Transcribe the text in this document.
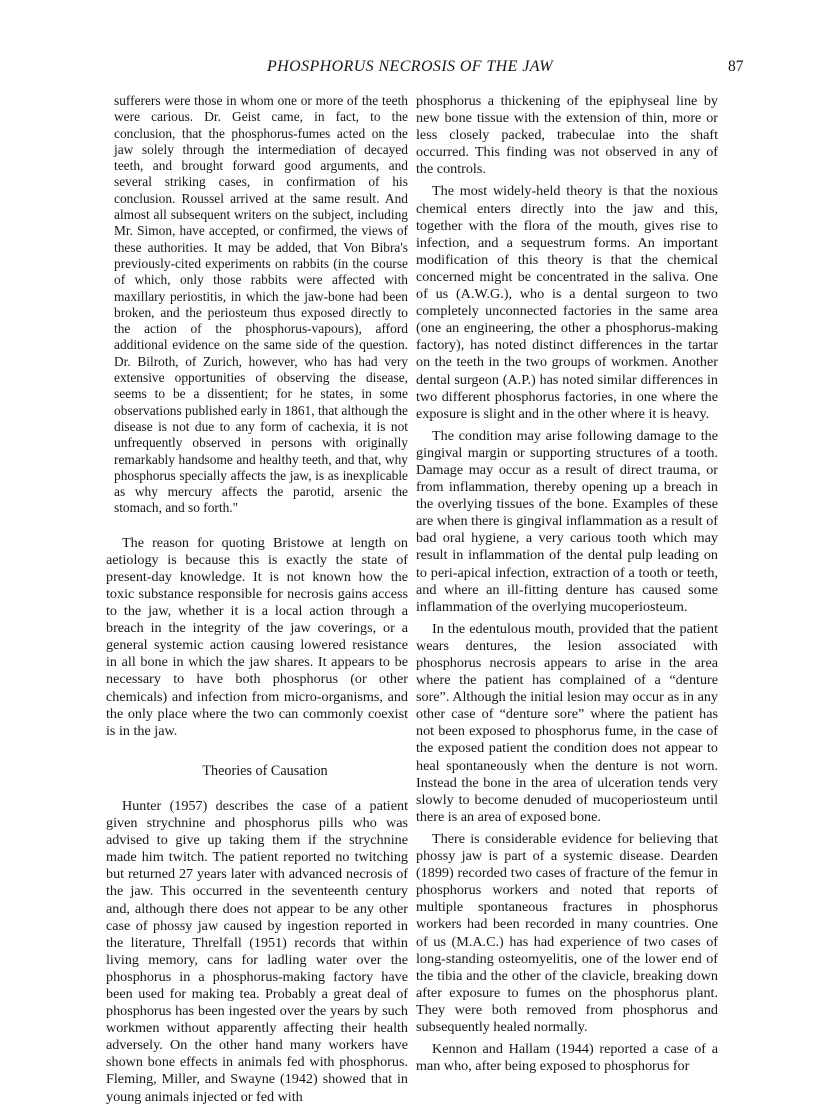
PHOSPHORUS NECROSIS OF THE JAW	87

sufferers were those in whom one or more of the teeth were carious. Dr. Geist came, in fact, to the conclusion, that the phosphorus-fumes acted on the jaw solely through the intermediation of decayed teeth, and brought forward good arguments, and several striking cases, in confirmation of his conclusion. Roussel arrived at the same result. And almost all subsequent writers on the subject, including Mr. Simon, have accepted, or confirmed, the views of these authorities. It may be added, that Von Bibra's previously-cited experiments on rabbits (in the course of which, only those rabbits were affected with maxillary periostitis, in which the jaw-bone had been broken, and the periosteum thus exposed directly to the action of the phosphorus-vapours), afford additional evidence on the same side of the question. Dr. Bilroth, of Zurich, however, who has had very extensive opportunities of observing the disease, seems to be a dissentient; for he states, in some observations published early in 1861, that although the disease is not due to any form of cachexia, it is not unfrequently observed in persons with originally remarkably handsome and healthy teeth, and that, why phosphorus specially affects the jaw, is as inexplicable as why mercury affects the parotid, arsenic the stomach, and so forth."

The reason for quoting Bristowe at length on aetiology is because this is exactly the state of present-day knowledge. It is not known how the toxic substance responsible for necrosis gains access to the jaw, whether it is a local action through a breach in the integrity of the jaw coverings, or a general systemic action causing lowered resistance in all bone in which the jaw shares. It appears to be necessary to have both phosphorus (or other chemicals) and infection from micro-organisms, and the only place where the two can commonly coexist is in the jaw.

Theories of Causation

Hunter (1957) describes the case of a patient given strychnine and phosphorus pills who was advised to give up taking them if the strychnine made him twitch. The patient reported no twitching but returned 27 years later with advanced necrosis of the jaw. This occurred in the seventeenth century and, although there does not appear to be any other case of phossy jaw caused by ingestion reported in the literature, Threlfall (1951) records that within living memory, cans for ladling water over the phosphorus in a phosphorus-making factory have been used for making tea. Probably a great deal of phosphorus has been ingested over the years by such workmen without apparently affecting their health adversely. On the other hand many workers have shown bone effects in animals fed with phosphorus. Fleming, Miller, and Swayne (1942) showed that in young animals injected or fed with

phosphorus a thickening of the epiphyseal line by new bone tissue with the extension of thin, more or less closely packed, trabeculae into the shaft occurred. This finding was not observed in any of the controls.

The most widely-held theory is that the noxious chemical enters directly into the jaw and this, together with the flora of the mouth, gives rise to infection, and a sequestrum forms. An important modification of this theory is that the chemical concerned might be concentrated in the saliva. One of us (A.W.G.), who is a dental surgeon to two completely unconnected factories in the same area (one an engineering, the other a phosphorus-making factory), has noted distinct differences in the tartar on the teeth in the two groups of workmen. Another dental surgeon (A.P.) has noted similar differences in two different phosphorus factories, in one where the exposure is slight and in the other where it is heavy.

The condition may arise following damage to the gingival margin or supporting structures of a tooth. Damage may occur as a result of direct trauma, or from inflammation, thereby opening up a breach in the overlying tissues of the bone. Examples of these are when there is gingival inflammation as a result of bad oral hygiene, a very carious tooth which may result in inflammation of the dental pulp leading on to peri-apical infection, extraction of a tooth or teeth, and where an ill-fitting denture has caused some inflammation of the overlying mucoperiosteum.

In the edentulous mouth, provided that the patient wears dentures, the lesion associated with phosphorus necrosis appears to arise in the area where the patient has complained of a “denture sore”. Although the initial lesion may occur as in any other case of “denture sore” where the patient has not been exposed to phosphorus fume, in the case of the exposed patient the condition does not appear to heal spontaneously when the denture is not worn. Instead the bone in the area of ulceration tends very slowly to become denuded of mucoperiosteum until there is an area of exposed bone.

There is considerable evidence for believing that phossy jaw is part of a systemic disease. Dearden (1899) recorded two cases of fracture of the femur in phosphorus workers and noted that reports of multiple spontaneous fractures in phosphorus workers had been recorded in many countries. One of us (M.A.C.) has had experience of two cases of long-standing osteomyelitis, one of the lower end of the tibia and the other of the clavicle, breaking down after exposure to fumes on the phosphorus plant. They were both removed from phosphorus and subsequently healed normally.

Kennon and Hallam (1944) reported a case of a man who, after being exposed to phosphorus for
